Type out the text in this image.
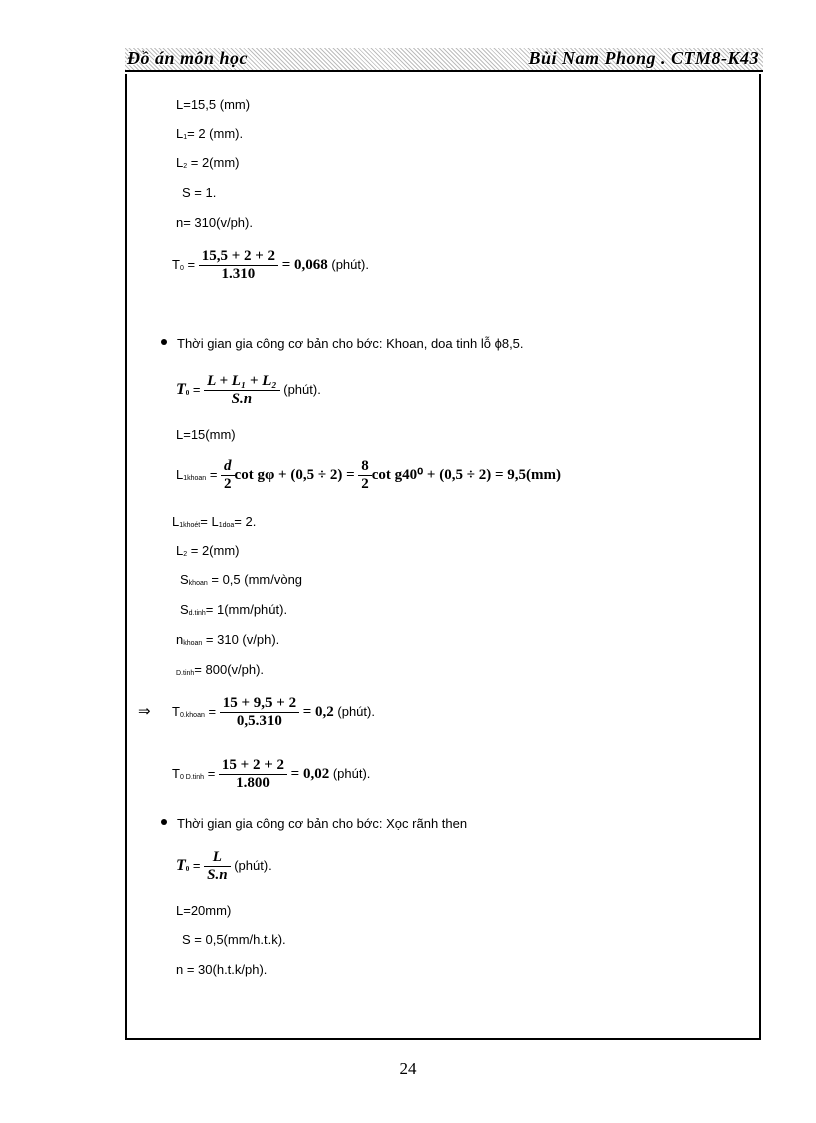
Đồ án môn học	Bùi Nam Phong . CTM8-K43
L=15,5 (mm)
L1= 2 (mm).
L2 = 2(mm)
S = 1.
n= 310(v/ph).
$T0 = \frac{15,5 + 2 + 2}{1.310} = 0,068$ (phút).
Thời gian gia công cơ bản cho bớc: Khoan, doa tinh lỗ ϕ8,5.
$T0 = \frac{\text{L + L₁ + L₂}}{S.n}$ (phút).
L=15(mm)
L1khoan = $\frac{d}{2}$ $\cot g\varphi + (0,5 \div 2) = \frac{8}{2}$ cot g40⁰ + (0,5 ÷ 2) = 9,5(mm)
L1khoét= L1doa= 2.
L2 = 2(mm)
Skhoan = 0,5 (mm/vòng
Sd.tinh= 1(mm/phút).
nkhoan = 310 (v/ph).
D.tinh= 800(v/ph).
⇒ T0.khoan = $\frac{15 + 9,5 + 2}{0,5.310} = 0,2$ (phút).
T0 D.tinh = $\frac{15 + 2 + 2}{1.800} = 0,02$ (phút).
Thời gian gia công cơ bản cho bớc: Xọc rãnh then
$T0 = \frac{L}{S.n}$ (phút).
L=20mm)
S = 0,5(mm/h.t.k).
n = 30(h.t.k/ph).
24
